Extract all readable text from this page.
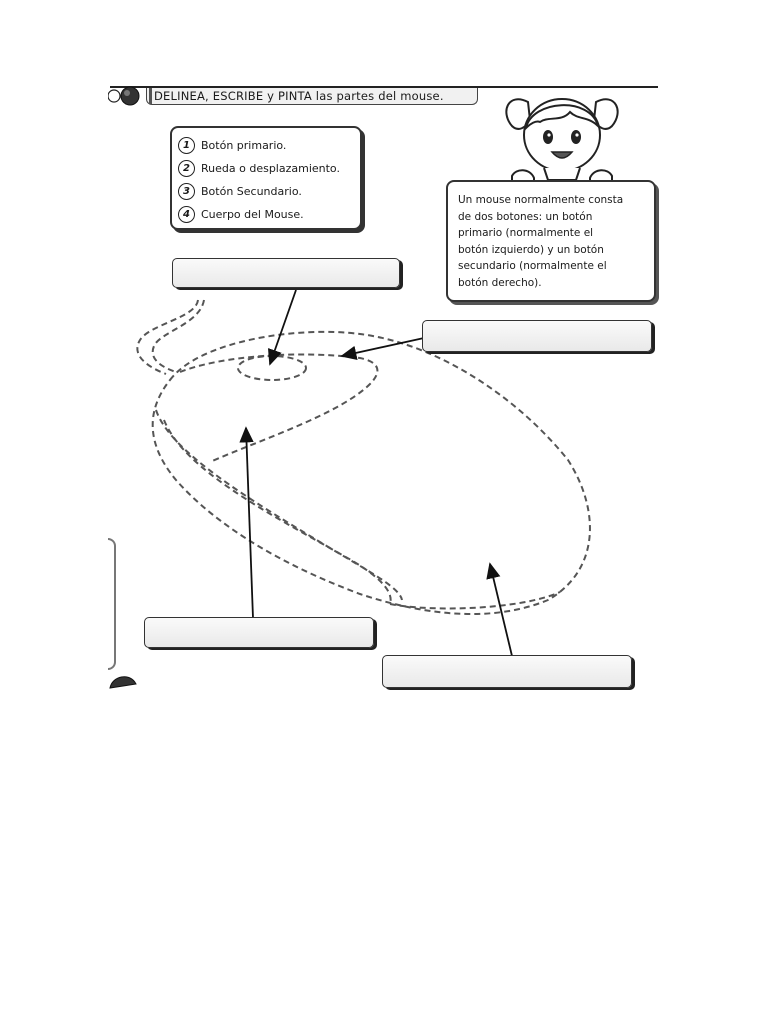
DELINEA, ESCRIBE y PINTA las partes del mouse.
1	Botón primario.
2	Rueda o desplazamiento.
3	Botón Secundario.
4	Cuerpo del Mouse.
Un mouse normalmente consta
de dos botones: un botón
primario (normalmente el
botón izquierdo) y un botón
secundario (normalmente el
botón derecho).
